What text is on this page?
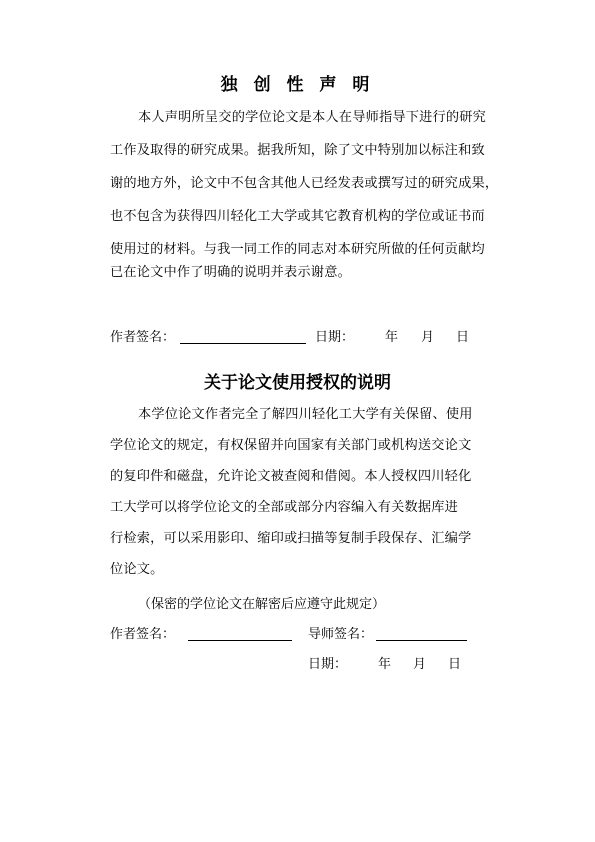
独 创 性 声 明
本人声明所呈交的学位论文是本人在导师指导下进行的研究
工作及取得的研究成果。据我所知，除了文中特别加以标注和致
谢的地方外，论文中不包含其他人已经发表或撰写过的研究成果，
也不包含为获得四川轻化工大学或其它教育机构的学位或证书而
使用过的材料。与我一同工作的同志对本研究所做的任何贡献均
已在论文中作了明确的说明并表示谢意。
作者签名：	日期： 年 月 日
关于论文使用授权的说明
本学位论文作者完全了解四川轻化工大学有关保留、使用
学位论文的规定，有权保留并向国家有关部门或机构送交论文
的复印件和磁盘，允许论文被查阅和借阅。本人授权四川轻化
工大学可以将学位论文的全部或部分内容编入有关数据库进
行检索，可以采用影印、缩印或扫描等复制手段保存、汇编学
位论文。
（保密的学位论文在解密后应遵守此规定）
作者签名：	导师签名：
日期： 年 月 日
